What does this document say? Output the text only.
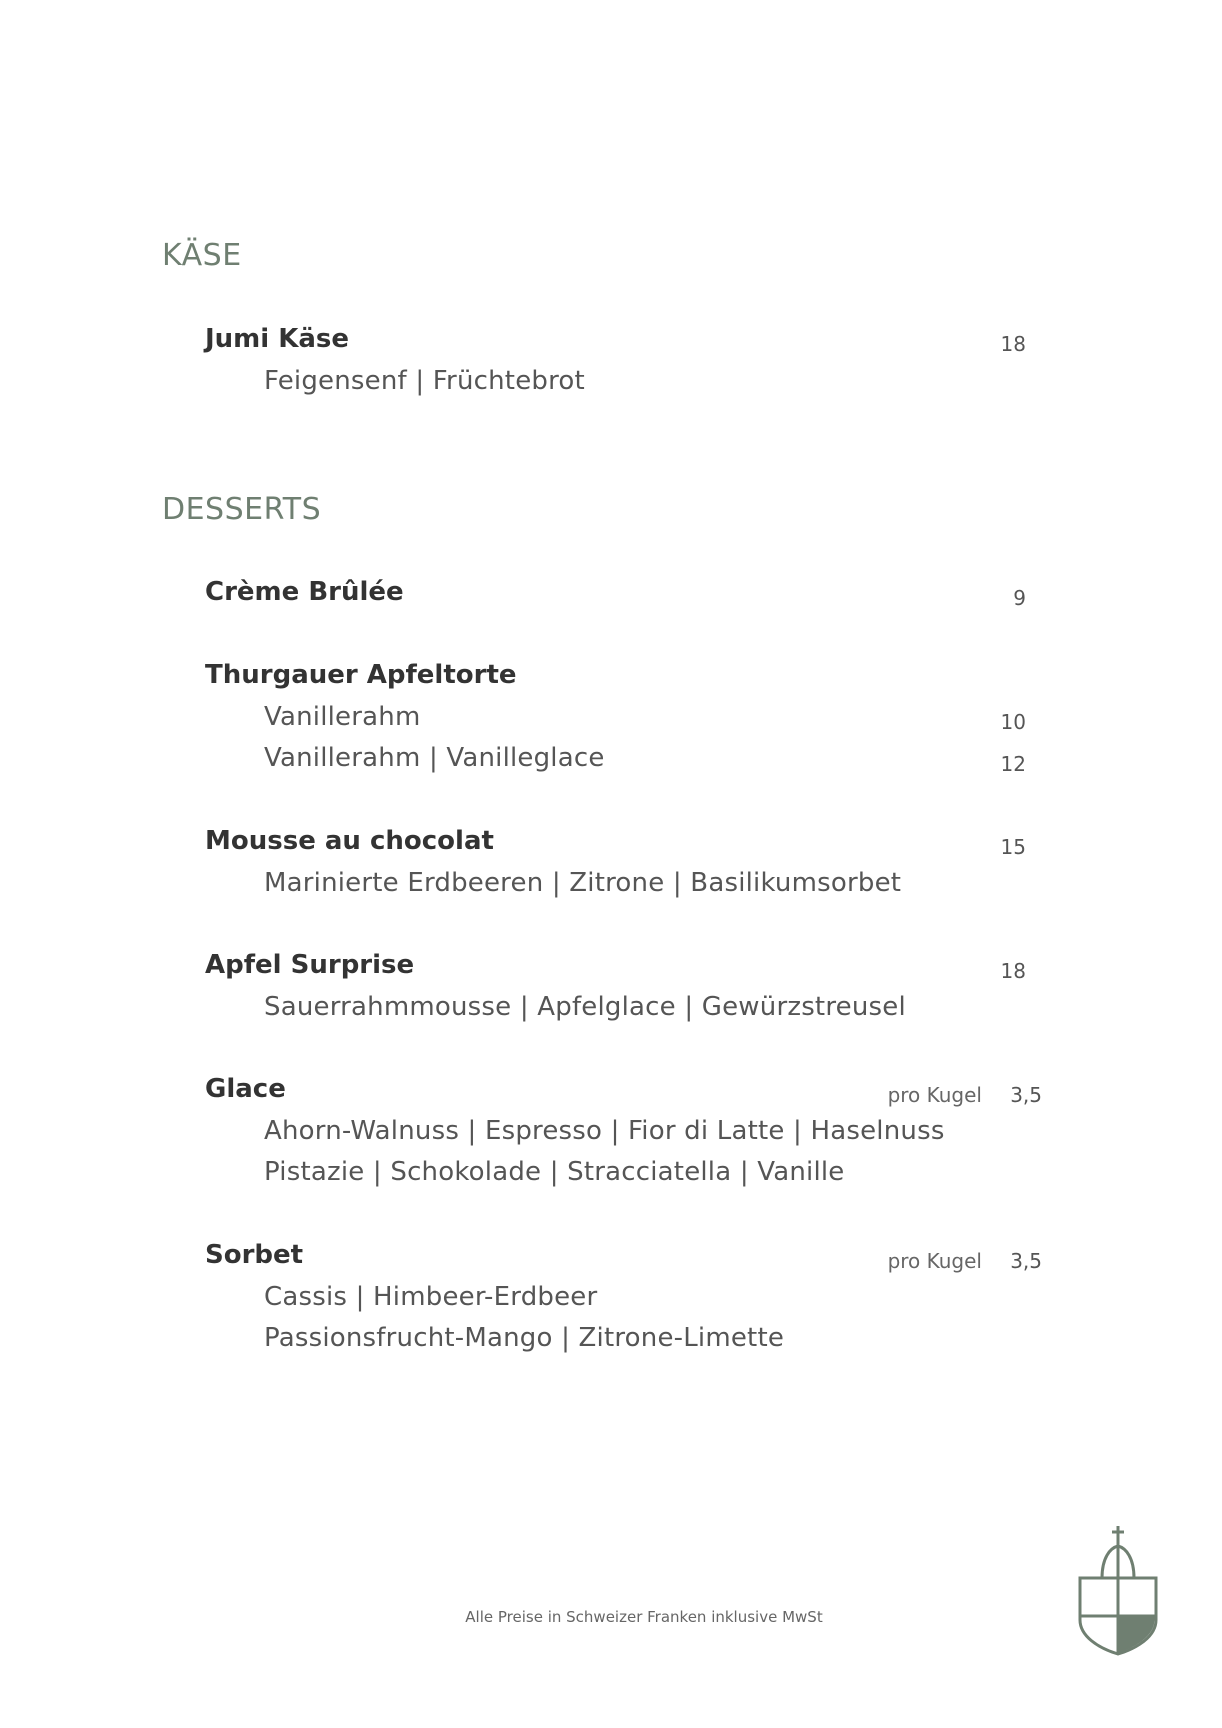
KÄSE
Jumi Käse	18
Feigensenf | Früchtebrot
DESSERTS
Crème Brûlée	9
Thurgauer Apfeltorte
Vanillerahm	10
Vanillerahm | Vanilleglace	12
Mousse au chocolat	15
Marinierte Erdbeeren | Zitrone | Basilikumsorbet
Apfel Surprise	18
Sauerrahmmousse | Apfelglace | Gewürzstreusel
Glace	pro Kugel 3,5
Ahorn-Walnuss | Espresso | Fior di Latte | Haselnuss
Pistazie | Schokolade | Stracciatella | Vanille
Sorbet	pro Kugel 3,5
Cassis | Himbeer-Erdbeer
Passionsfrucht-Mango | Zitrone-Limette
Alle Preise in Schweizer Franken inklusive MwSt
